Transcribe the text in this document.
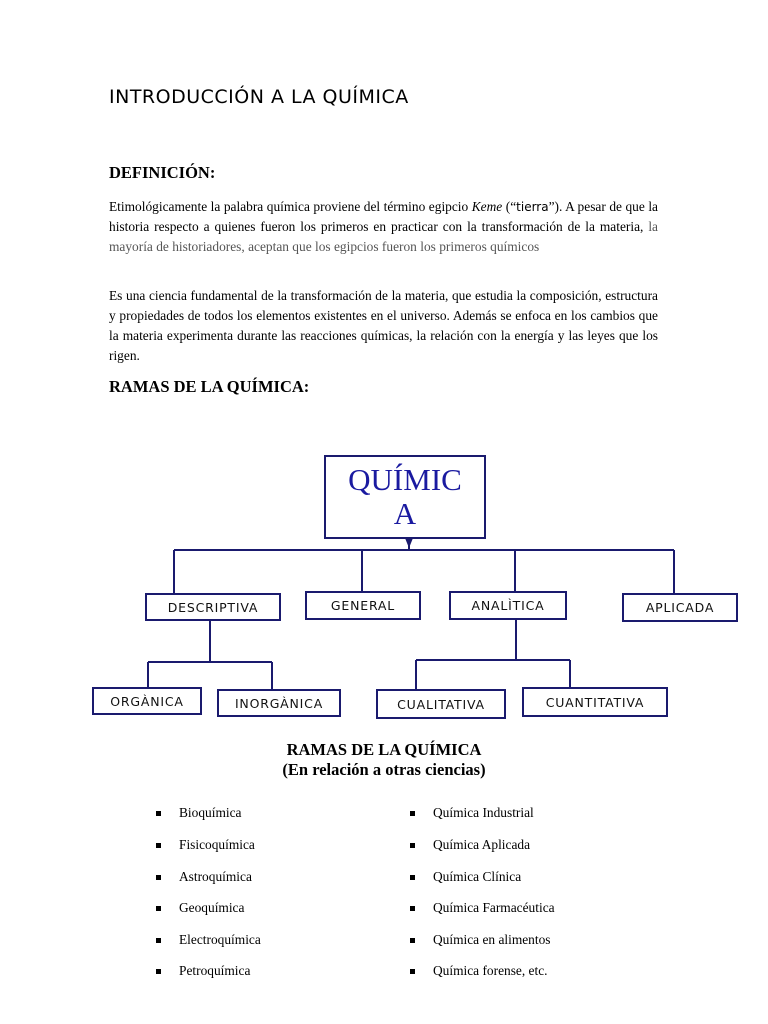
INTRODUCCIÓN A LA QUÍMICA
DEFINICIÓN:
Etimológicamente la palabra química proviene del término egipcio Keme (“tierra”). A pesar de que la historia respecto a quienes fueron los primeros en practicar con la transformación de la materia, la mayoría de historiadores, aceptan que los egipcios fueron los primeros químicos
Es una ciencia fundamental de la transformación de la materia, que estudia la composición, estructura y propiedades de todos los elementos existentes en el universo. Además se enfoca en los cambios que la materia experimenta durante las reacciones químicas, la relación con la energía y las leyes que los rigen.
RAMAS DE LA QUÍMICA:
QUÍMIC
A
DESCRIPTIVA	GENERAL	ANALÌTICA	APLICADA
ORGÀNICA	INORGÀNICA	CUALITATIVA	CUANTITATIVA
RAMAS DE LA QUÍMICA
(En relación a otras ciencias)
Bioquímica
Fisicoquímica
Astroquímica
Geoquímica
Electroquímica
Petroquímica
Química Industrial
Química Aplicada
Química Clínica
Química Farmacéutica
Química en alimentos
Química forense, etc.
